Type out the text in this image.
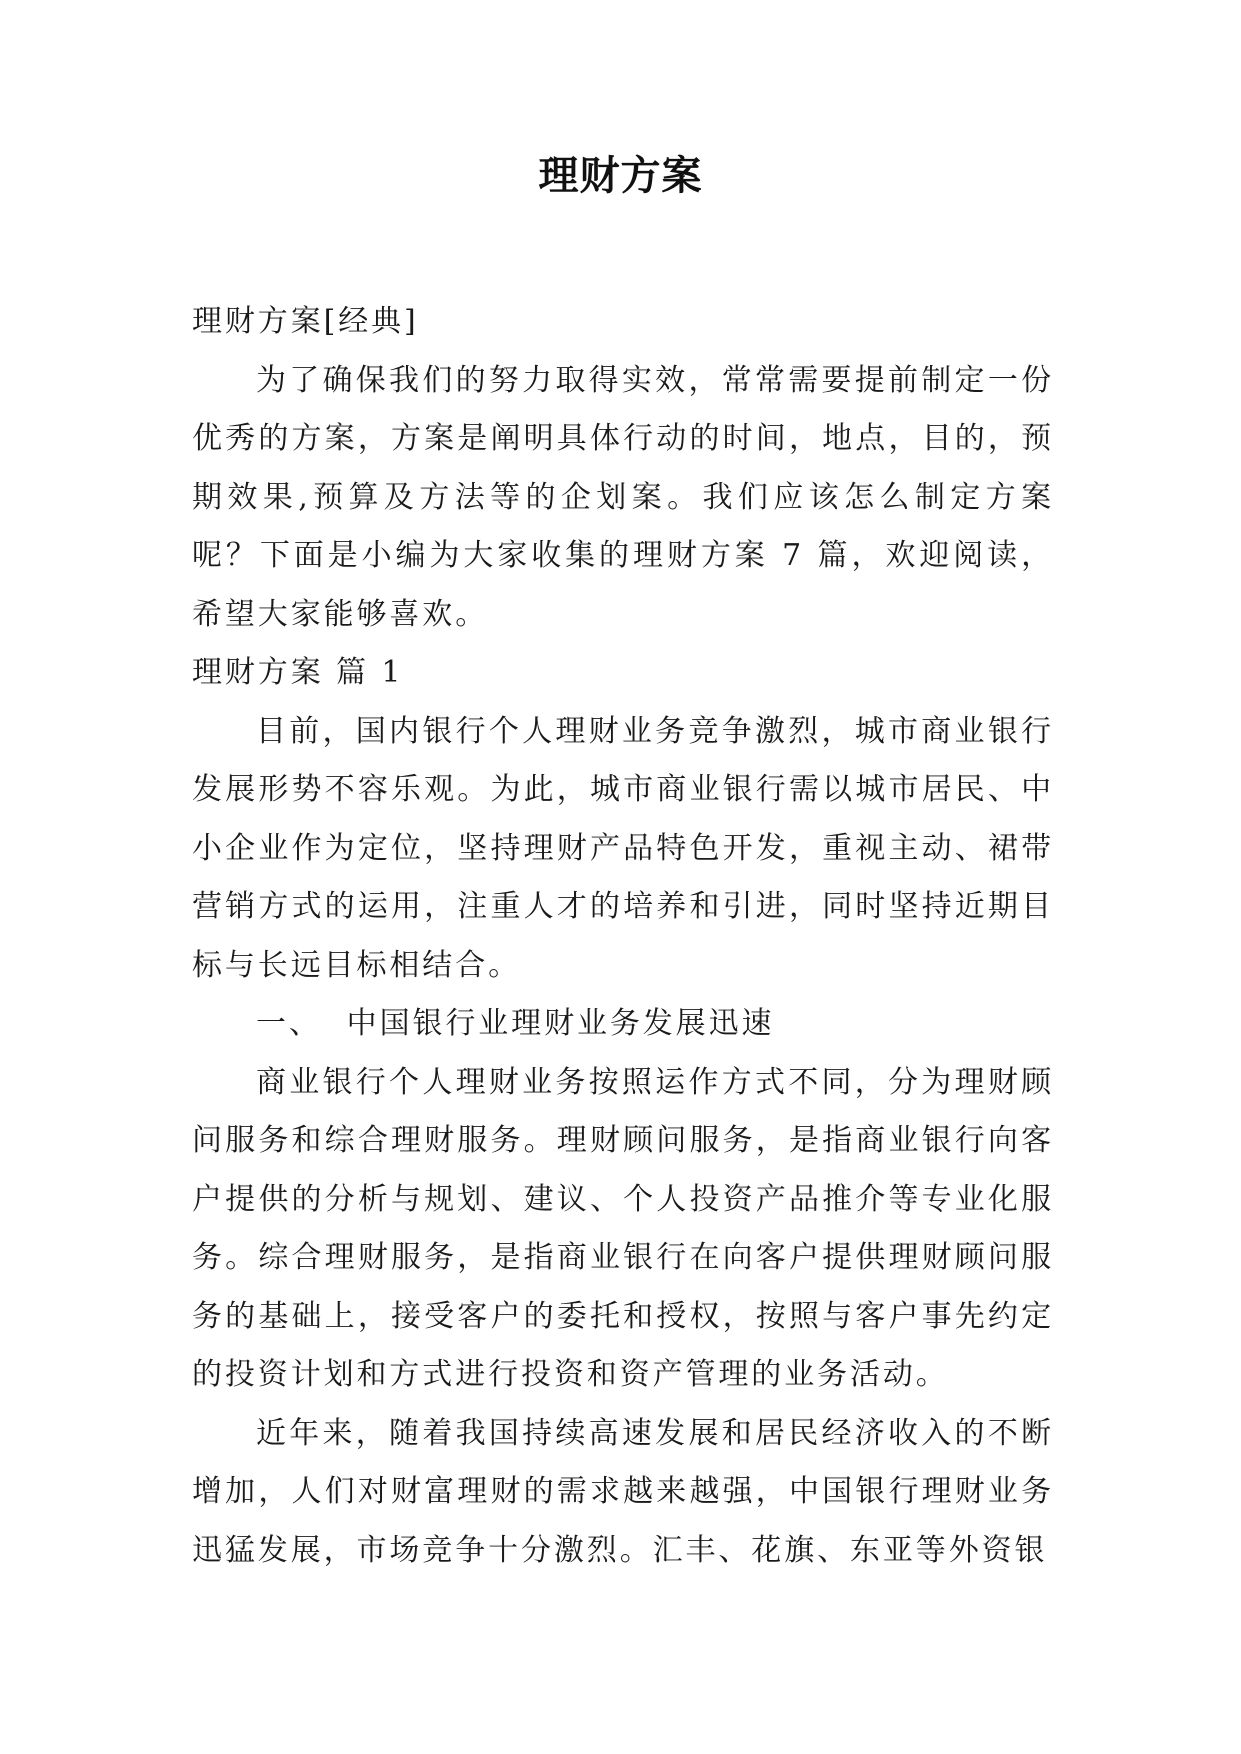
理财方案

理财方案[经典]

为了确保我们的努力取得实效，常常需要提前制定一份优秀的方案，方案是阐明具体行动的时间，地点，目的，预期效果,预算及方法等的企划案。我们应该怎么制定方案呢？下面是小编为大家收集的理财方案 7 篇，欢迎阅读，希望大家能够喜欢。

理财方案 篇 1

目前，国内银行个人理财业务竞争激烈，城市商业银行发展形势不容乐观。为此，城市商业银行需以城市居民、中小企业作为定位，坚持理财产品特色开发，重视主动、裙带营销方式的运用，注重人才的培养和引进，同时坚持近期目标与长远目标相结合。

一、  中国银行业理财业务发展迅速

商业银行个人理财业务按照运作方式不同，分为理财顾问服务和综合理财服务。理财顾问服务，是指商业银行向客户提供的分析与规划、建议、个人投资产品推介等专业化服务。综合理财服务，是指商业银行在向客户提供理财顾问服务的基础上，接受客户的委托和授权，按照与客户事先约定的投资计划和方式进行投资和资产管理的业务活动。

近年来，随着我国持续高速发展和居民经济收入的不断增加，人们对财富理财的需求越来越强，中国银行理财业务迅猛发展，市场竞争十分激烈。汇丰、花旗、东亚等外资银
